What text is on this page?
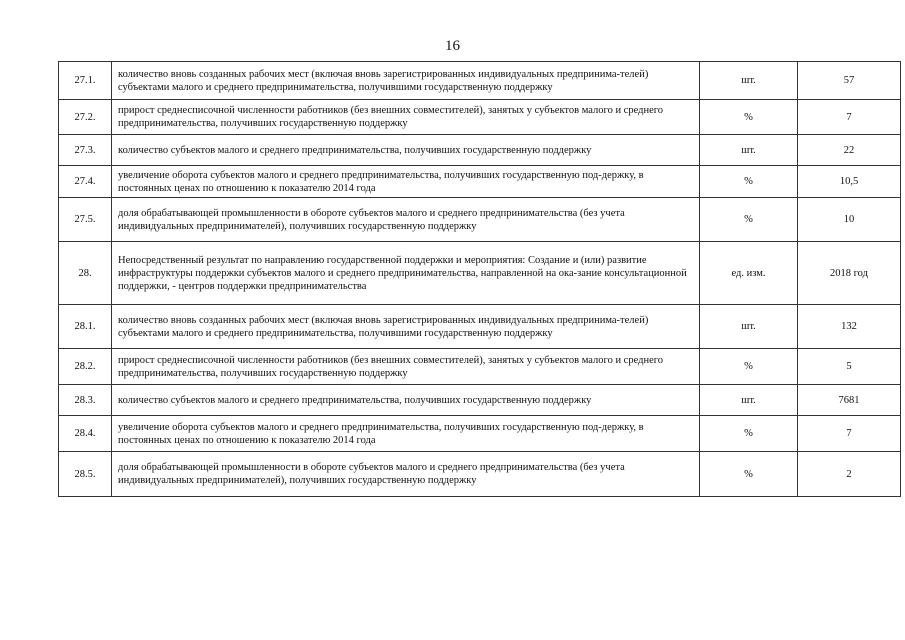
16
27.1.	количество вновь созданных рабочих мест (включая вновь зарегистрированных индивидуальных предпринима-телей) субъектами малого и среднего предпринимательства, получившими государственную поддержку	шт.	57
27.2.	прирост среднесписочной численности работников (без внешних совместителей), занятых у субъектов малого и среднего предпринимательства, получивших государственную поддержку	%	7
27.3.	количество субъектов малого и среднего предпринимательства, получивших государственную поддержку	шт.	22
27.4.	увеличение оборота субъектов малого и среднего предпринимательства, получивших государственную под-держку, в постоянных ценах по отношению к показателю 2014 года	%	10,5
27.5.	доля обрабатывающей промышленности в обороте субъектов малого и среднего предпринимательства (без учета индивидуальных предпринимателей), получивших государственную поддержку	%	10
28.	Непосредственный результат по направлению государственной поддержки и мероприятия: Создание и (или) развитие инфраструктуры поддержки субъектов малого и среднего предпринимательства, направленной на ока-зание консультационной поддержки, - центров поддержки предпринимательства	ед. изм.	2018 год
28.1.	количество вновь созданных рабочих мест (включая вновь зарегистрированных индивидуальных предпринима-телей) субъектами малого и среднего предпринимательства, получившими государственную поддержку	шт.	132
28.2.	прирост среднесписочной численности работников (без внешних совместителей), занятых у субъектов малого и среднего предпринимательства, получивших государственную поддержку	%	5
28.3.	количество субъектов малого и среднего предпринимательства, получивших государственную поддержку	шт.	7681
28.4.	увеличение оборота субъектов малого и среднего предпринимательства, получивших государственную под-держку, в постоянных ценах по отношению к показателю 2014 года	%	7
28.5.	доля обрабатывающей промышленности в обороте субъектов малого и среднего предпринимательства (без учета индивидуальных предпринимателей), получивших государственную поддержку	%	2
